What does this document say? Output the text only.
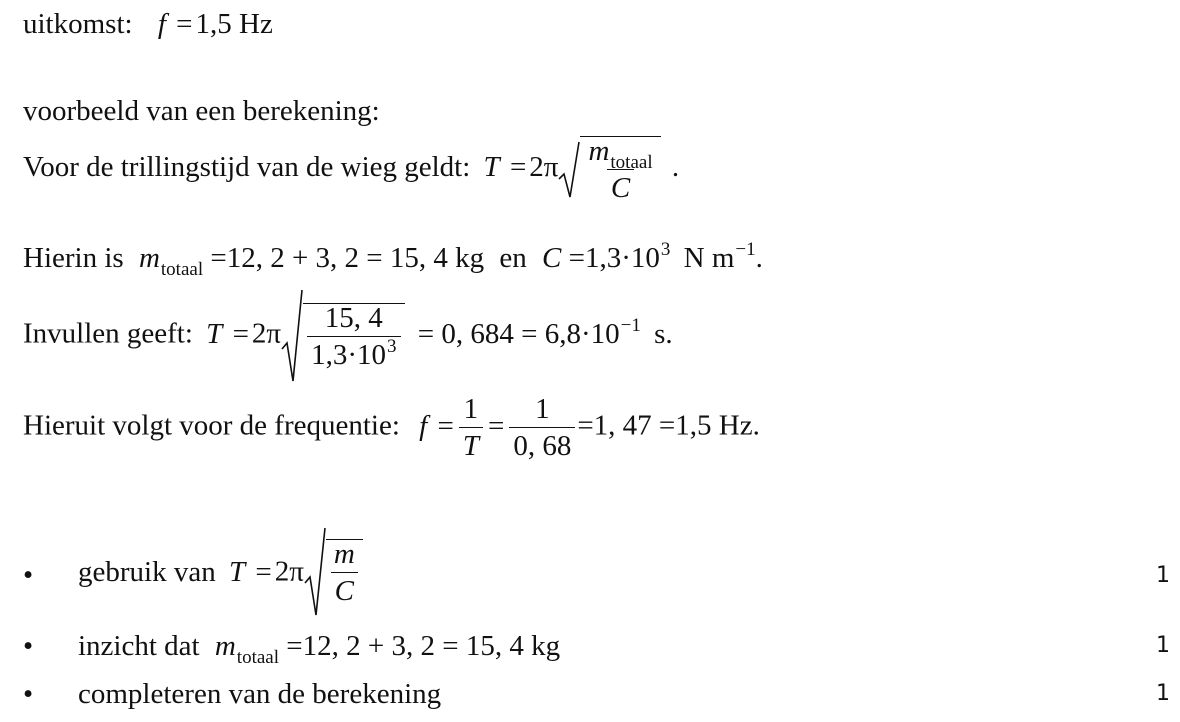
uitkomst: f = 1,5 Hz
voorbeeld van een berekening:
Voor de trillingstijd van de wieg geldt: $T = 2\pi \frac{m_{totaal}}{C}$ .
Hierin is $m_{totaal} =12$, 2 + 3, 2 = 15, 4 kg en $C =1,3\cdot 10^3$ N $m^{-1}$.
Invullen geeft: $T = 2\pi \frac{15, 4}{1,3\cdot 10^3} = 0$, $684 = 6,8\cdot 10^{-1}$ s.
Hieruit volgt voor de frequentie: $f = \frac{1}{T} = \frac{1}{0, 68} =1$, 47 =1,5 Hz.
• gebruik van $T = 2\pi \frac{m}{C}$	1
• inzicht dat $m_{totaal} =12$, 2 + 3, 2 = 15, 4 kg	1
• completeren van de berekening	1
